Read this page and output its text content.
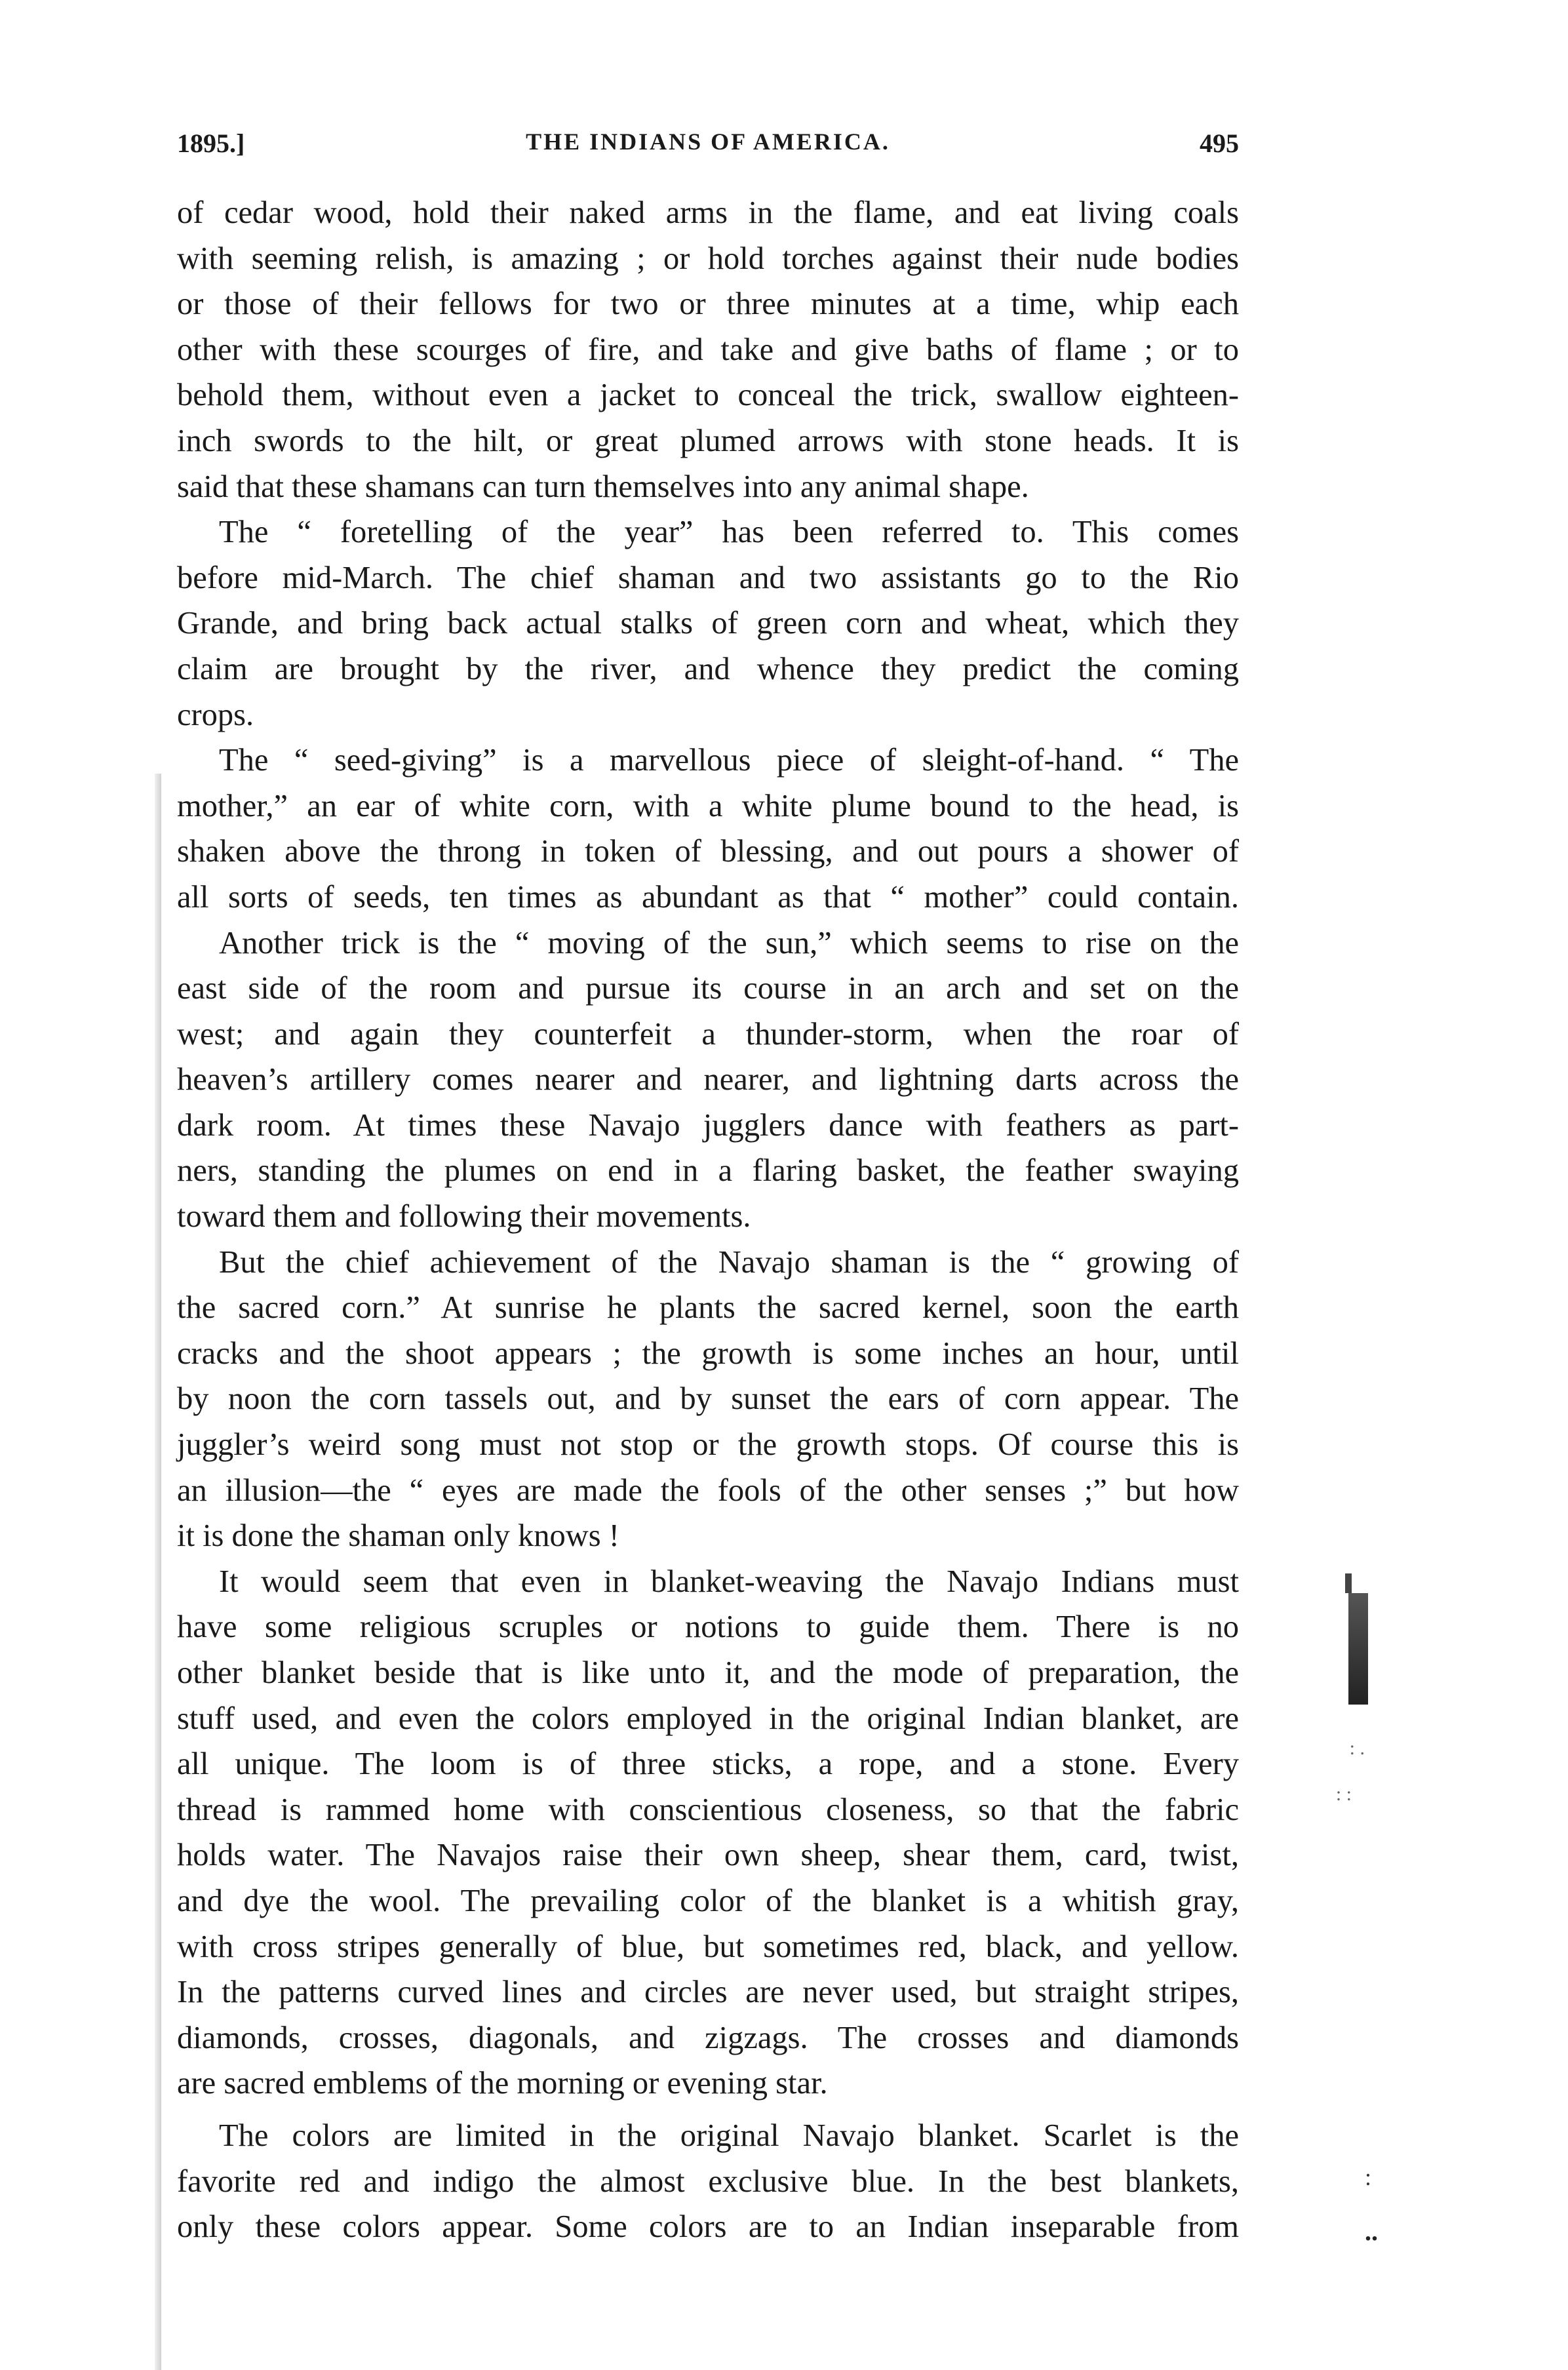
THE INDIANS OF AMERICA.
1895.]	495
of cedar wood, hold their naked arms in the flame, and eat living coals
with seeming relish, is amazing ; or hold torches against their nude bodies
or those of their fellows for two or three minutes at a time, whip each
other with these scourges of fire, and take and give baths of flame ; or to
behold them, without even a jacket to conceal the trick, swallow eighteen-
inch swords to the hilt, or great plumed arrows with stone heads. It is
said that these shamans can turn themselves into any animal shape.
The “ foretelling of the year” has been referred to. This comes
before mid-March. The chief shaman and two assistants go to the Rio
Grande, and bring back actual stalks of green corn and wheat, which they
claim are brought by the river, and whence they predict the coming
crops.
The “ seed-giving” is a marvellous piece of sleight-of-hand. “ The
mother,” an ear of white corn, with a white plume bound to the head, is
shaken above the throng in token of blessing, and out pours a shower of
all sorts of seeds, ten times as abundant as that “ mother” could contain.
Another trick is the “ moving of the sun,” which seems to rise on the
east side of the room and pursue its course in an arch and set on the
west; and again they counterfeit a thunder-storm, when the roar of
heaven’s artillery comes nearer and nearer, and lightning darts across the
dark room. At times these Navajo jugglers dance with feathers as part-
ners, standing the plumes on end in a flaring basket, the feather swaying
toward them and following their movements.
But the chief achievement of the Navajo shaman is the “ growing of
the sacred corn.” At sunrise he plants the sacred kernel, soon the earth
cracks and the shoot appears ; the growth is some inches an hour, until
by noon the corn tassels out, and by sunset the ears of corn appear. The
juggler’s weird song must not stop or the growth stops. Of course this is
an illusion—the “ eyes are made the fools of the other senses ;” but how
it is done the shaman only knows !
It would seem that even in blanket-weaving the Navajo Indians must
have some religious scruples or notions to guide them. There is no
other blanket beside that is like unto it, and the mode of preparation, the
stuff used, and even the colors employed in the original Indian blanket, are
all unique. The loom is of three sticks, a rope, and a stone. Every
thread is rammed home with conscientious closeness, so that the fabric
holds water. The Navajos raise their own sheep, shear them, card, twist,
and dye the wool. The prevailing color of the blanket is a whitish gray,
with cross stripes generally of blue, but sometimes red, black, and yellow.
In the patterns curved lines and circles are never used, but straight stripes,
diamonds, crosses, diagonals, and zigzags. The crosses and diamonds
are sacred emblems of the morning or evening star.
The colors are limited in the original Navajo blanket. Scarlet is the
favorite red and indigo the almost exclusive blue. In the best blankets,
only these colors appear. Some colors are to an Indian inseparable from
: .
: :
:
..
